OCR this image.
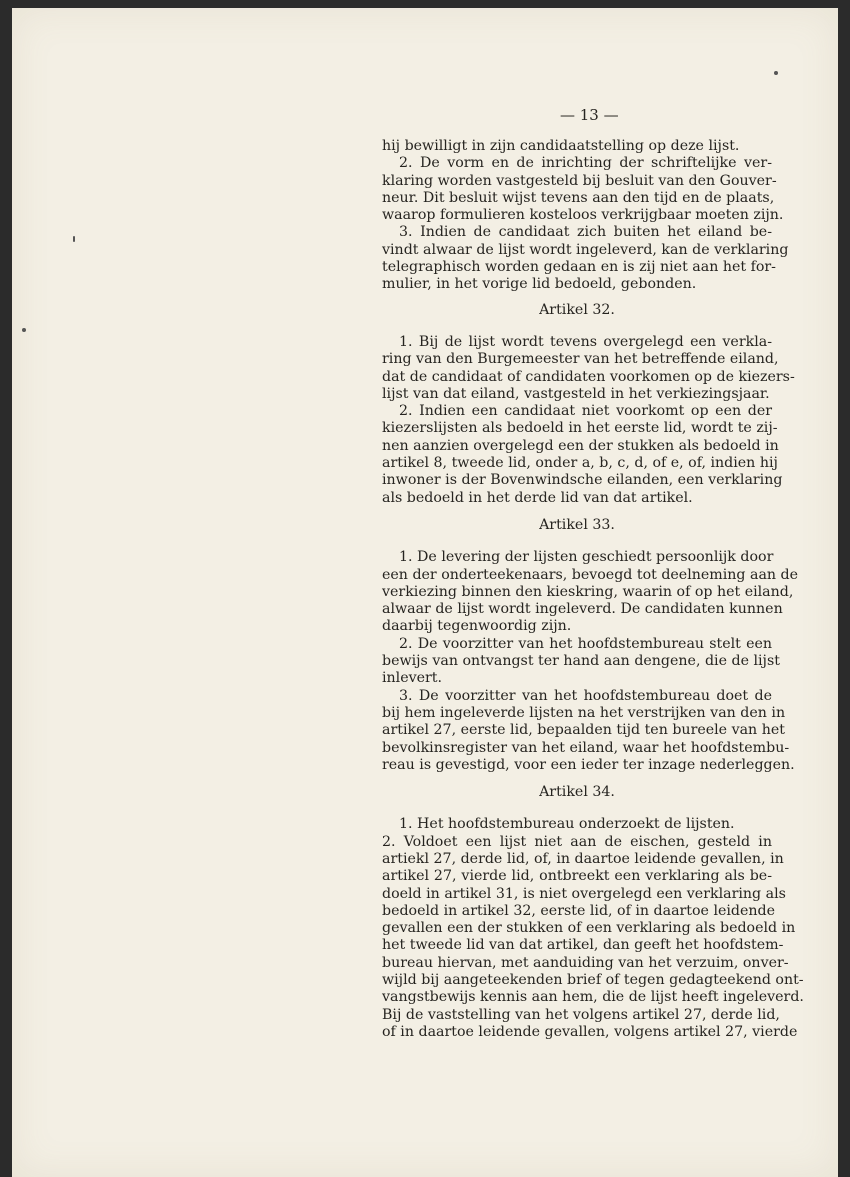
— 13 —
hij bewilligt in zijn candidaatstelling op deze lijst.
2. De vorm en de inrichting der schriftelijke ver-
klaring worden vastgesteld bij besluit van den Gouver-
neur. Dit besluit wijst tevens aan den tijd en de plaats,
waarop formulieren kosteloos verkrijgbaar moeten zijn.
3. Indien de candidaat zich buiten het eiland be-
vindt alwaar de lijst wordt ingeleverd, kan de verklaring
telegraphisch worden gedaan en is zij niet aan het for-
mulier, in het vorige lid bedoeld, gebonden.
Artikel 32.
1. Bij de lijst wordt tevens overgelegd een verkla-
ring van den Burgemeester van het betreffende eiland,
dat de candidaat of candidaten voorkomen op de kiezers-
lijst van dat eiland, vastgesteld in het verkiezingsjaar.
2. Indien een candidaat niet voorkomt op een der
kiezerslijsten als bedoeld in het eerste lid, wordt te zij-
nen aanzien overgelegd een der stukken als bedoeld in
artikel 8, tweede lid, onder a, b, c, d, of e, of, indien hij
inwoner is der Bovenwindsche eilanden, een verklaring
als bedoeld in het derde lid van dat artikel.
Artikel 33.
1. De levering der lijsten geschiedt persoonlijk door
een der onderteekenaars, bevoegd tot deelneming aan de
verkiezing binnen den kieskring, waarin of op het eiland,
alwaar de lijst wordt ingeleverd. De candidaten kunnen
daarbij tegenwoordig zijn.
2. De voorzitter van het hoofdstembureau stelt een
bewijs van ontvangst ter hand aan dengene, die de lijst
inlevert.
3. De voorzitter van het hoofdstembureau doet de
bij hem ingeleverde lijsten na het verstrijken van den in
artikel 27, eerste lid, bepaalden tijd ten bureele van het
bevolkinsregister van het eiland, waar het hoofdstembu-
reau is gevestigd, voor een ieder ter inzage nederleggen.
Artikel 34.
1. Het hoofdstembureau onderzoekt de lijsten.
2. Voldoet een lijst niet aan de eischen, gesteld in
artiekl 27, derde lid, of, in daartoe leidende gevallen, in
artikel 27, vierde lid, ontbreekt een verklaring als be-
doeld in artikel 31, is niet overgelegd een verklaring als
bedoeld in artikel 32, eerste lid, of in daartoe leidende
gevallen een der stukken of een verklaring als bedoeld in
het tweede lid van dat artikel, dan geeft het hoofdstem-
bureau hiervan, met aanduiding van het verzuim, onver-
wijld bij aangeteekenden brief of tegen gedagteekend ont-
vangstbewijs kennis aan hem, die de lijst heeft ingeleverd.
Bij de vaststelling van het volgens artikel 27, derde lid,
of in daartoe leidende gevallen, volgens artikel 27, vierde
